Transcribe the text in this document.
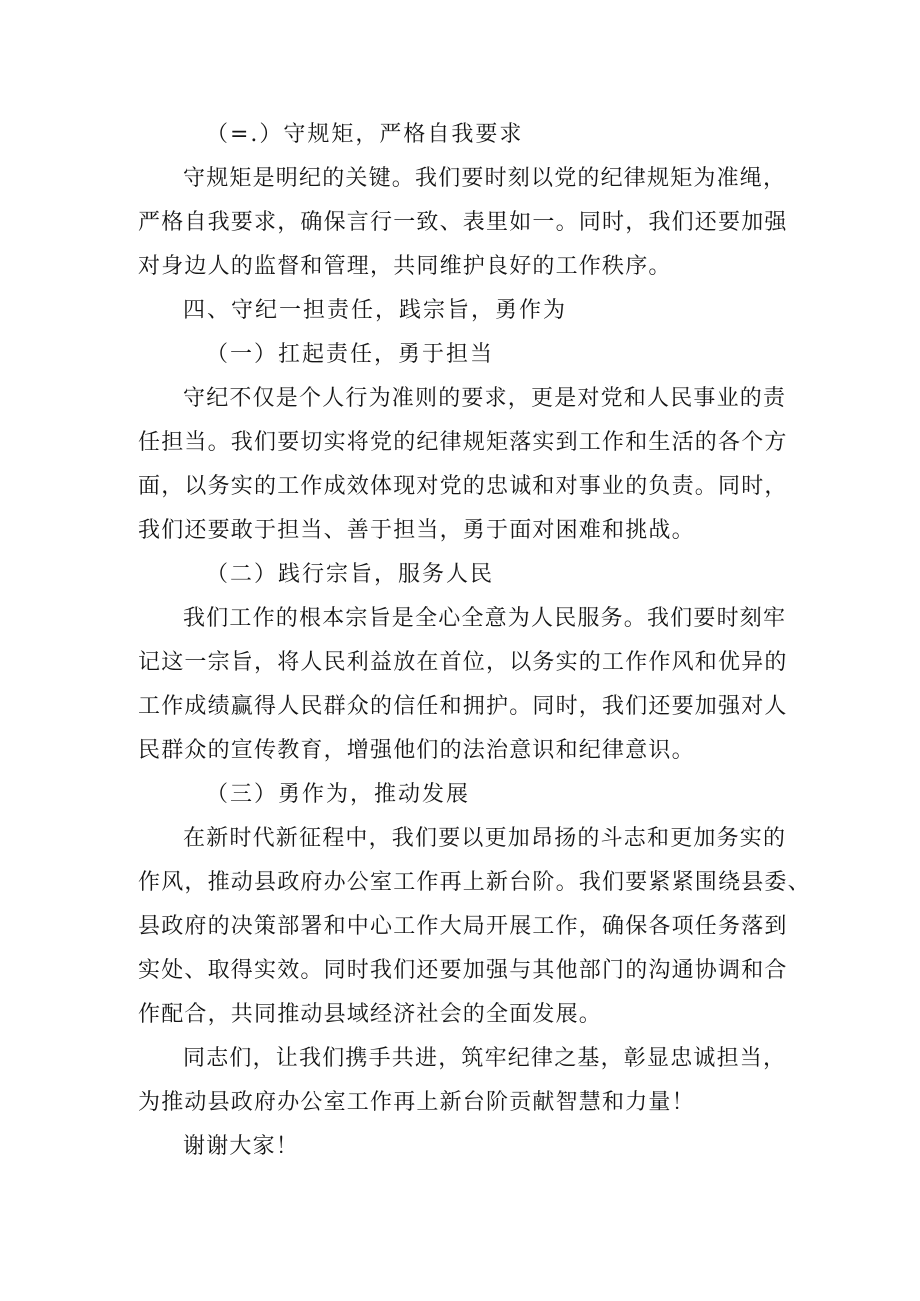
（=.）守规矩，严格自我要求

守规矩是明纪的关键。我们要时刻以党的纪律规矩为准绳，

严格自我要求，确保言行一致、表里如一。同时，我们还要加强

对身边人的监督和管理，共同维护良好的工作秩序。

四、守纪一担责任，践宗旨，勇作为

（一）扛起责任，勇于担当

守纪不仅是个人行为准则的要求，更是对党和人民事业的责

任担当。我们要切实将党的纪律规矩落实到工作和生活的各个方

面，以务实的工作成效体现对党的忠诚和对事业的负责。同时，

我们还要敢于担当、善于担当，勇于面对困难和挑战。

（二）践行宗旨，服务人民

我们工作的根本宗旨是全心全意为人民服务。我们要时刻牢

记这一宗旨，将人民利益放在首位，以务实的工作作风和优异的

工作成绩赢得人民群众的信任和拥护。同时，我们还要加强对人

民群众的宣传教育，增强他们的法治意识和纪律意识。

（三）勇作为，推动发展

在新时代新征程中，我们要以更加昂扬的斗志和更加务实的

作风，推动县政府办公室工作再上新台阶。我们要紧紧围绕县委、

县政府的决策部署和中心工作大局开展工作，确保各项任务落到

实处、取得实效。同时我们还要加强与其他部门的沟通协调和合

作配合，共同推动县域经济社会的全面发展。

同志们，让我们携手共进，筑牢纪律之基，彰显忠诚担当，

为推动县政府办公室工作再上新台阶贡献智慧和力量！

谢谢大家！
